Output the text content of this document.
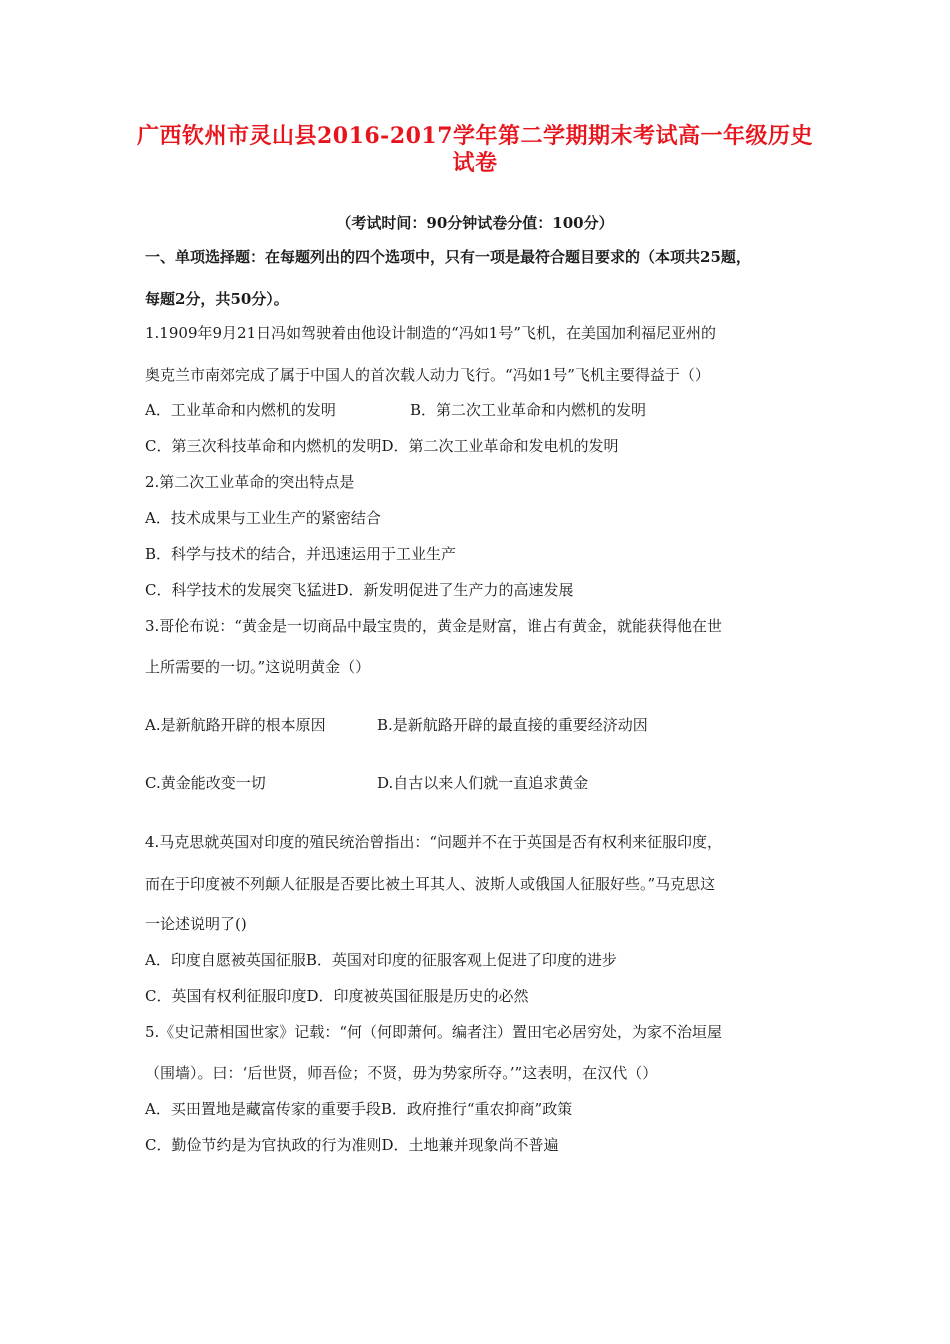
广西钦州市灵山县2016-2017学年第二学期期末考试高一年级历史
试卷
（考试时间：90分钟试卷分值：100分）
一、单项选择题：在每题列出的四个选项中，只有一项是最符合题目要求的（本项共25题，
每题2分，共50分）。
1.1909年9月21日冯如驾驶着由他设计制造的“冯如1号”飞机，在美国加利福尼亚州的
奥克兰市南郊完成了属于中国人的首次载人动力飞行。“冯如1号”飞机主要得益于（）
A．工业革命和内燃机的发明	B．第二次工业革命和内燃机的发明
C．第三次科技革命和内燃机的发明D．第二次工业革命和发电机的发明
2.第二次工业革命的突出特点是
A．技术成果与工业生产的紧密结合
B．科学与技术的结合，并迅速运用于工业生产
C．科学技术的发展突飞猛进D．新发明促进了生产力的高速发展
3.哥伦布说：“黄金是一切商品中最宝贵的，黄金是财富，谁占有黄金，就能获得他在世
上所需要的一切。”这说明黄金（）
A.是新航路开辟的根本原因	B.是新航路开辟的最直接的重要经济动因
C.黄金能改变一切	D.自古以来人们就一直追求黄金
4.马克思就英国对印度的殖民统治曾指出：“问题并不在于英国是否有权利来征服印度，
而在于印度被不列颠人征服是否要比被土耳其人、波斯人或俄国人征服好些。”马克思这
一论述说明了()
A．印度自愿被英国征服B．英国对印度的征服客观上促进了印度的进步
C．英国有权利征服印度D．印度被英国征服是历史的必然
5.《史记萧相国世家》记载：“何（何即萧何。编者注）置田宅必居穷处，为家不治垣屋
（围墙）。曰：‘后世贤，师吾俭；不贤，毋为势家所夺。’”这表明，在汉代（）
A．买田置地是藏富传家的重要手段B．政府推行“重农抑商”政策
C．勤俭节约是为官执政的行为准则D．土地兼并现象尚不普遍
